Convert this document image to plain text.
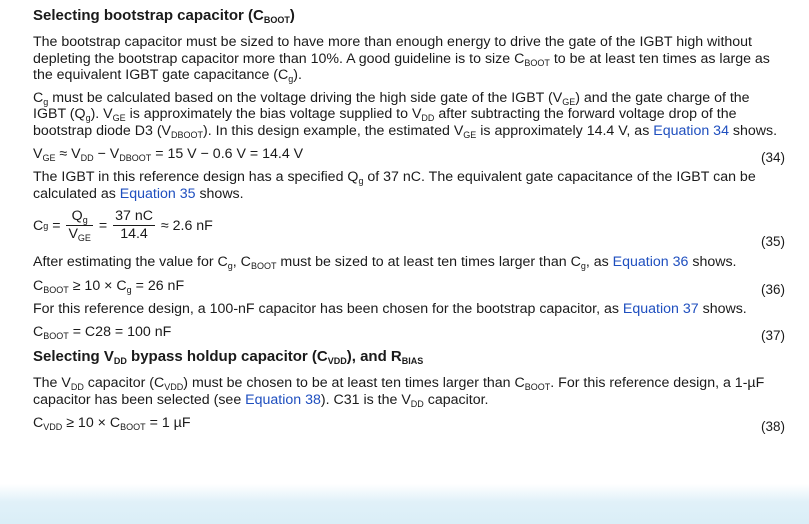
Selecting bootstrap capacitor $(C_{BOOT})$
The bootstrap capacitor must be sized to have more than enough energy to drive the gate of the IGBT high without depleting the bootstrap capacitor more than 10%. A good guideline is to size $C_{BOOT}$ to be at least ten times as large as the equivalent IGBT gate capacitance $(C_g)$.
$C_g$ must be calculated based on the voltage driving the high side gate of the IGBT $(V_{GE})$ and the gate charge of the IGBT $(Q_g)$. $V_{GE}$ is approximately the bias voltage supplied to $V_{DD}$ after subtracting the forward voltage drop of the bootstrap diode D3 $(V_{DBOOT})$. In this design example, the estimated $V_{GE}$ is approximately 14.4 V, as Equation 34 shows.
$V_{GE} \approx V_{DD} - V_{DBOOT} = 15$ V − 0.6 V = 14.4 V	(34)
The IGBT in this reference design has a specified $Q_g$ of 37 nC. The equivalent gate capacitance of the IGBT can be calculated as Equation 35 shows.
C $g = \frac{Q_g}{V_{GE}} = \frac{37 nC}{14.4} \approx 2.6$ nF
(35)
After estimating the value for $C_g$, $C_{BOOT}$ must be sized to at least ten times larger than $C_g$, as Equation 36 shows.
$C_{BOOT} \ge 10 \times C_g = 26$ nF	(36)
For this reference design, a 100-nF capacitor has been chosen for the bootstrap capacitor, as Equation 37 shows.
$C_{BOOT} = C28 = 100$ nF	(37)
Selecting $V_{DD}$ bypass holdup capacitor $(C_{VDD})$, and $R_{BIAS}$
The $V_{DD}$ capacitor $(C_{VDD})$ must be chosen to be at least ten times larger than $C_{BOOT}$. For this reference design, a 1-µF capacitor has been selected (see Equation 38). C31 is the $V_{DD}$ capacitor.
$C_{VDD} \ge 10 \times C_{BOOT} = 1$ µF	(38)
